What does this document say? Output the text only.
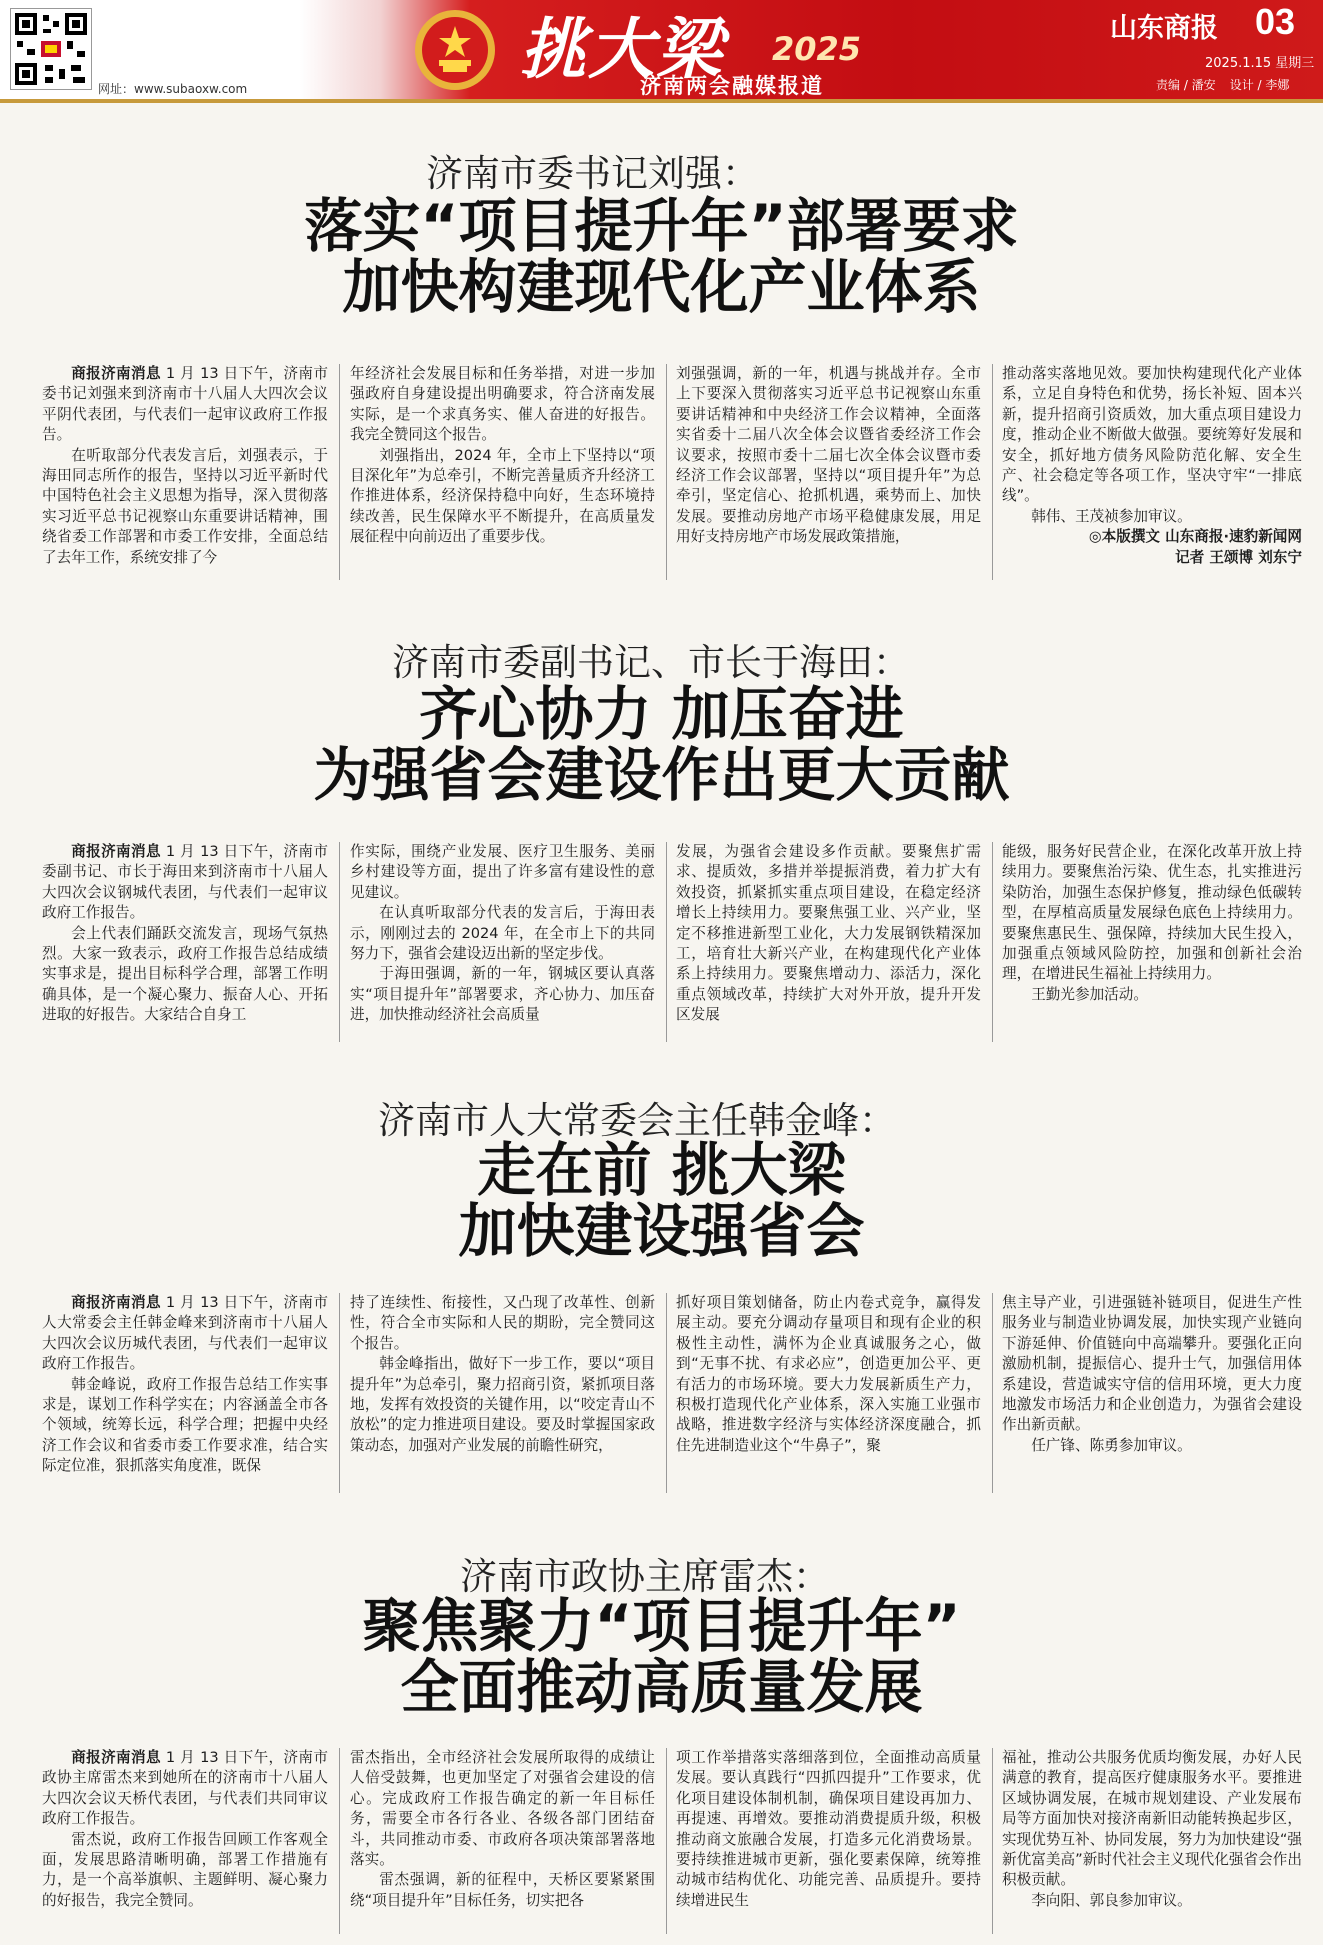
网址：www.subaoxw.com
挑大梁 2025
济南两会融媒报道
山东商报 03
2025.1.15 星期三
责编 / 潘安 设计 / 李娜
济南市委书记刘强：
落实“项目提升年”部署要求
加快构建现代化产业体系

商报济南消息 1 月 13 日下午，济南市委书记刘强来到济南市十八届人大四次会议平阴代表团，与代表们一起审议政府工作报告。

在听取部分代表发言后，刘强表示，于海田同志所作的报告，坚持以习近平新时代中国特色社会主义思想为指导，深入贯彻落实习近平总书记视察山东重要讲话精神，围绕省委工作部署和市委工作安排，全面总结了去年工作，系统安排了今

年经济社会发展目标和任务举措，对进一步加强政府自身建设提出明确要求，符合济南发展实际，是一个求真务实、催人奋进的好报告。我完全赞同这个报告。

刘强指出，2024 年，全市上下坚持以“项目深化年”为总牵引，不断完善量质齐升经济工作推进体系，经济保持稳中向好，生态环境持续改善，民生保障水平不断提升，在高质量发展征程中向前迈出了重要步伐。

刘强强调，新的一年，机遇与挑战并存。全市上下要深入贯彻落实习近平总书记视察山东重要讲话精神和中央经济工作会议精神，全面落实省委十二届八次全体会议暨省委经济工作会议要求，按照市委十二届七次全体会议暨市委经济工作会议部署，坚持以“项目提升年”为总牵引，坚定信心、抢抓机遇，乘势而上、加快发展。要推动房地产市场平稳健康发展，用足用好支持房地产市场发展政策措施，

推动落实落地见效。要加快构建现代化产业体系，立足自身特色和优势，扬长补短、固本兴新，提升招商引资质效，加大重点项目建设力度，推动企业不断做大做强。要统筹好发展和安全，抓好地方债务风险防范化解、安全生产、社会稳定等各项工作，坚决守牢“一排底线”。

韩伟、王茂祯参加审议。

◎本版撰文 山东商报·速豹新闻网
记者 王颂博 刘东宁
济南市委副书记、市长于海田：
齐心协力 加压奋进
为强省会建设作出更大贡献

商报济南消息 1 月 13 日下午，济南市委副书记、市长于海田来到济南市十八届人大四次会议钢城代表团，与代表们一起审议政府工作报告。

会上代表们踊跃交流发言，现场气氛热烈。大家一致表示，政府工作报告总结成绩实事求是，提出目标科学合理，部署工作明确具体，是一个凝心聚力、振奋人心、开拓进取的好报告。大家结合自身工

作实际，围绕产业发展、医疗卫生服务、美丽乡村建设等方面，提出了许多富有建设性的意见建议。

在认真听取部分代表的发言后，于海田表示，刚刚过去的 2024 年，在全市上下的共同努力下，强省会建设迈出新的坚定步伐。

于海田强调，新的一年，钢城区要认真落实“项目提升年”部署要求，齐心协力、加压奋进，加快推动经济社会高质量

发展，为强省会建设多作贡献。要聚焦扩需求、提质效，多措并举提振消费，着力扩大有效投资，抓紧抓实重点项目建设，在稳定经济增长上持续用力。要聚焦强工业、兴产业，坚定不移推进新型工业化，大力发展钢铁精深加工，培育壮大新兴产业，在构建现代化产业体系上持续用力。要聚焦增动力、添活力，深化重点领域改革，持续扩大对外开放，提升开发区发展

能级，服务好民营企业，在深化改革开放上持续用力。要聚焦治污染、优生态，扎实推进污染防治，加强生态保护修复，推动绿色低碳转型，在厚植高质量发展绿色底色上持续用力。要聚焦惠民生、强保障，持续加大民生投入，加强重点领域风险防控，加强和创新社会治理，在增进民生福祉上持续用力。

王勤光参加活动。

济南市人大常委会主任韩金峰：
走在前 挑大梁
加快建设强省会

商报济南消息 1 月 13 日下午，济南市人大常委会主任韩金峰来到济南市十八届人大四次会议历城代表团，与代表们一起审议政府工作报告。

韩金峰说，政府工作报告总结工作实事求是，谋划工作科学实在；内容涵盖全市各个领域，统筹长远，科学合理；把握中央经济工作会议和省委市委工作要求准，结合实际定位准，狠抓落实角度准，既保

持了连续性、衔接性，又凸现了改革性、创新性，符合全市实际和人民的期盼，完全赞同这个报告。

韩金峰指出，做好下一步工作，要以“项目提升年”为总牵引，聚力招商引资，紧抓项目落地，发挥有效投资的关键作用，以“咬定青山不放松”的定力推进项目建设。要及时掌握国家政策动态，加强对产业发展的前瞻性研究，

抓好项目策划储备，防止内卷式竞争，赢得发展主动。要充分调动存量项目和现有企业的积极性主动性，满怀为企业真诚服务之心，做到“无事不扰、有求必应”，创造更加公平、更有活力的市场环境。要大力发展新质生产力，积极打造现代化产业体系，深入实施工业强市战略，推进数字经济与实体经济深度融合，抓住先进制造业这个“牛鼻子”，聚

焦主导产业，引进强链补链项目，促进生产性服务业与制造业协调发展，加快实现产业链向下游延伸、价值链向中高端攀升。要强化正向激励机制，提振信心、提升士气，加强信用体系建设，营造诚实守信的信用环境，更大力度地激发市场活力和企业创造力，为强省会建设作出新贡献。

任广锋、陈勇参加审议。

济南市政协主席雷杰：
聚焦聚力“项目提升年”
全面推动高质量发展

商报济南消息 1 月 13 日下午，济南市政协主席雷杰来到她所在的济南市十八届人大四次会议天桥代表团，与代表们共同审议政府工作报告。

雷杰说，政府工作报告回顾工作客观全面，发展思路清晰明确，部署工作措施有力，是一个高举旗帜、主题鲜明、凝心聚力的好报告，我完全赞同。

雷杰指出，全市经济社会发展所取得的成绩让人倍受鼓舞，也更加坚定了对强省会建设的信心。完成政府工作报告确定的新一年目标任务，需要全市各行各业、各级各部门团结奋斗，共同推动市委、市政府各项决策部署落地落实。

雷杰强调，新的征程中，天桥区要紧紧围绕“项目提升年”目标任务，切实把各

项工作举措落实落细落到位，全面推动高质量发展。要认真践行“四抓四提升”工作要求，优化项目建设体制机制，确保项目建设再加力、再提速、再增效。要推动消费提质升级，积极推动商文旅融合发展，打造多元化消费场景。要持续推进城市更新，强化要素保障，统筹推动城市结构优化、功能完善、品质提升。要持续增进民生

福祉，推动公共服务优质均衡发展，办好人民满意的教育，提高医疗健康服务水平。要推进区域协调发展，在城市规划建设、产业发展布局等方面加快对接济南新旧动能转换起步区，实现优势互补、协同发展，努力为加快建设“强新优富美高”新时代社会主义现代化强省会作出积极贡献。

李向阳、郭良参加审议。
